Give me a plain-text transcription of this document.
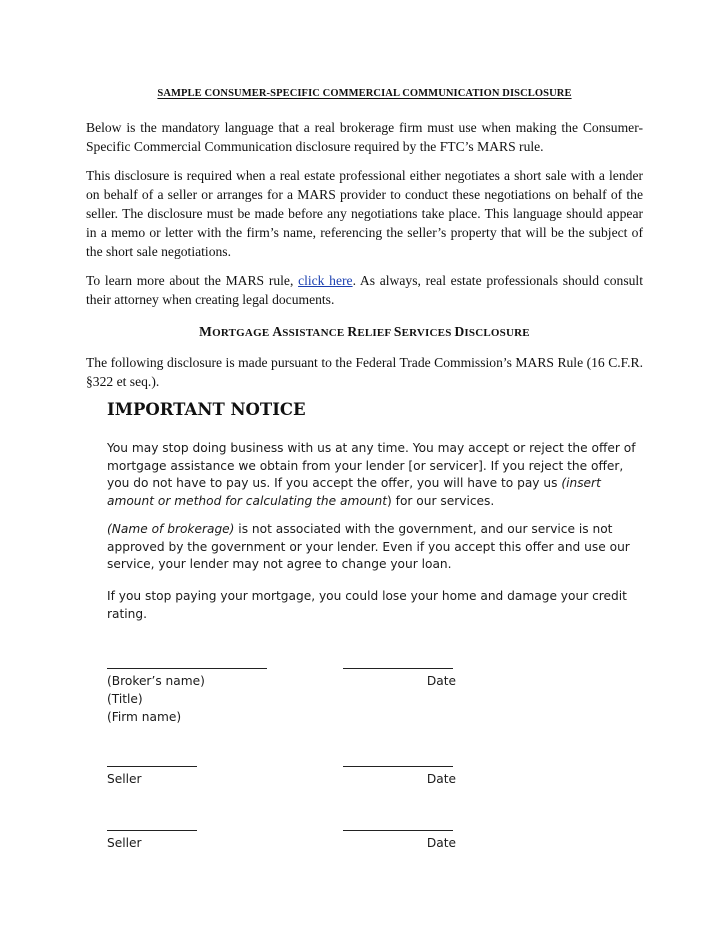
SAMPLE CONSUMER-SPECIFIC COMMERCIAL COMMUNICATION DISCLOSURE

Below is the mandatory language that a real brokerage firm must use when making the Consumer-Specific Commercial Communication disclosure required by the FTC’s MARS rule.

This disclosure is required when a real estate professional either negotiates a short sale with a lender on behalf of a seller or arranges for a MARS provider to conduct these negotiations on behalf of the seller. The disclosure must be made before any negotiations take place. This language should appear in a memo or letter with the firm’s name, referencing the seller’s property that will be the subject of the short sale negotiations.

To learn more about the MARS rule, click here. As always, real estate professionals should consult their attorney when creating legal documents.

MORTGAGE ASSISTANCE RELIEF SERVICES DISCLOSURE

The following disclosure is made pursuant to the Federal Trade Commission’s MARS Rule (16 C.F.R. §322 et seq.).

IMPORTANT NOTICE

You may stop doing business with us at any time. You may accept or reject the offer of mortgage assistance we obtain from your lender [or servicer]. If you reject the offer, you do not have to pay us. If you accept the offer, you will have to pay us (insert amount or method for calculating the amount) for our services.

(Name of brokerage) is not associated with the government, and our service is not approved by the government or your lender. Even if you accept this offer and use our service, your lender may not agree to change your loan.

If you stop paying your mortgage, you could lose your home and damage your credit rating.

(Broker’s name)	Date
(Title)
(Firm name)
Seller	Date
Seller	Date
